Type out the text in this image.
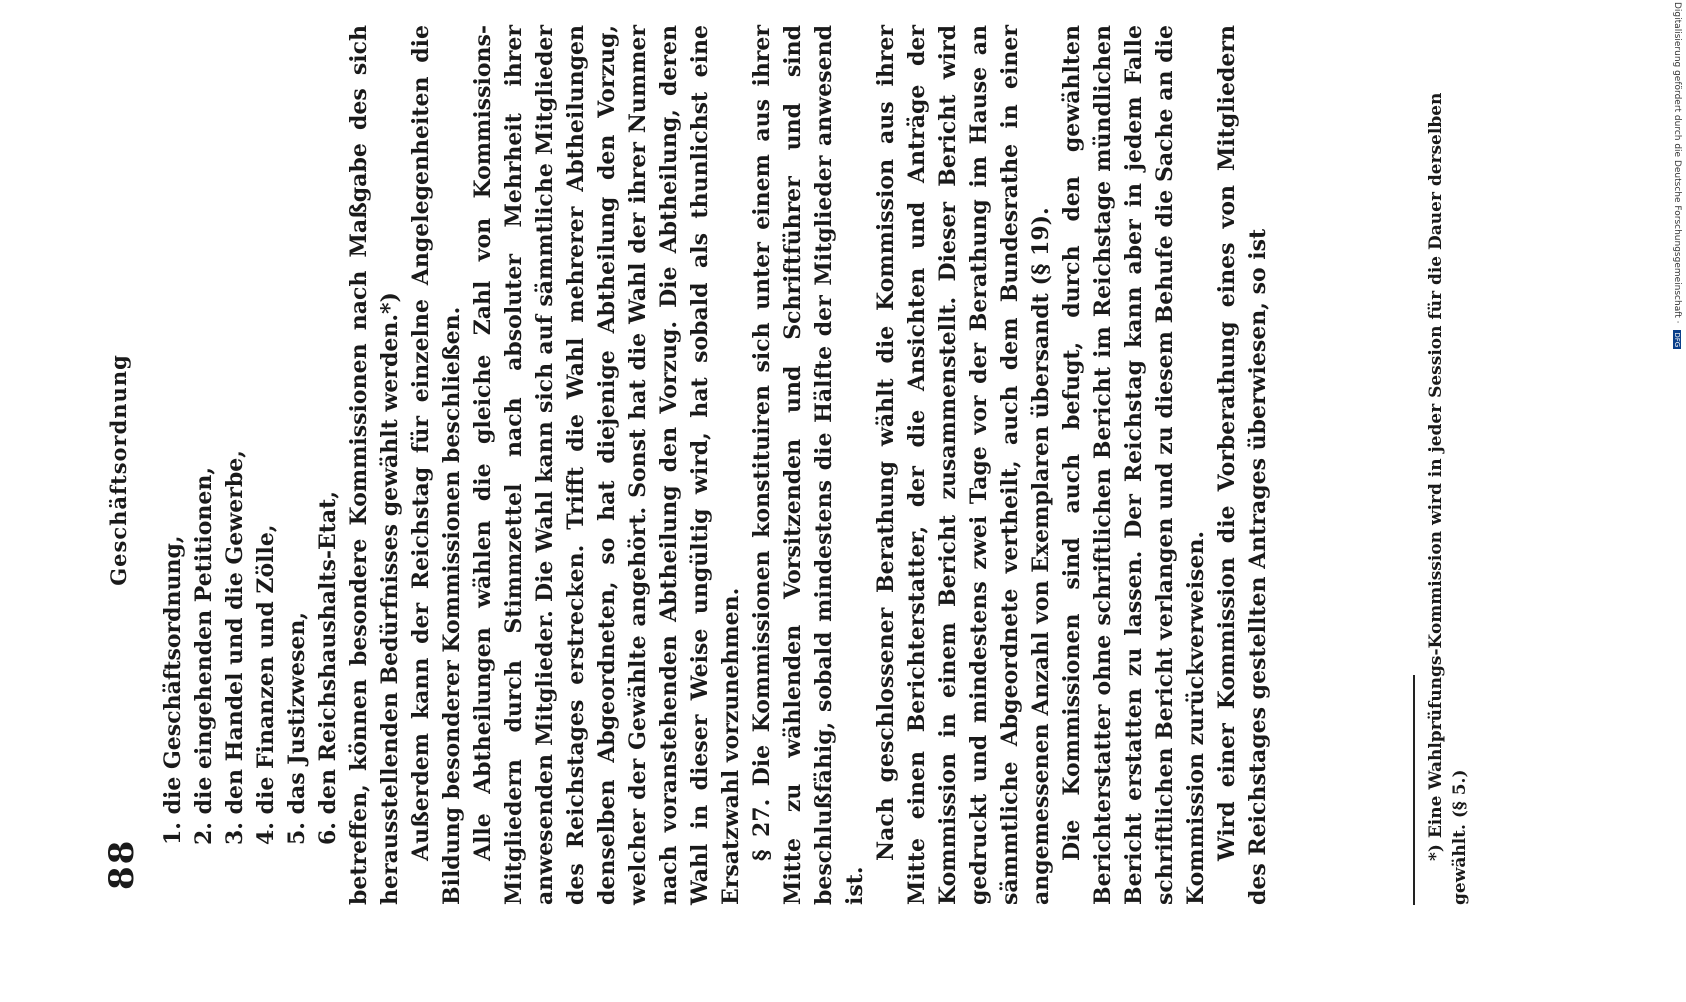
88
Geschäftsordnung
1. die Geschäftsordnung, 2. die eingehenden Petitionen, 3. den Handel und die Gewerbe, 4. die Finanzen und Zölle, 5. das Justizwesen, 6. den Reichshaushalts-Etat, betreffen, können besondere Kommissionen nach Maßgabe des sich herausstellenden Bedürfnisses gewählt werden.*) Außerdem kann der Reichstag für einzelne Angelegenheiten die Bildung besonderer Kommissionen beschließen. Alle Abtheilungen wählen die gleiche Zahl von Kommissions-Mitgliedern durch Stimmzettel nach absoluter Mehrheit ihrer anwesenden Mitglieder. Die Wahl kann sich auf sämmtliche Mitglieder des Reichstages erstrecken. Trifft die Wahl mehrerer Abtheilungen denselben Abgeordneten, so hat diejenige Abtheilung den Vorzug, welcher der Gewählte angehört. Sonst hat die Wahl der ihrer Nummer nach voranstehenden Abtheilung den Vorzug. Die Abtheilung, deren Wahl in dieser Weise ungültig wird, hat sobald als thunlichst eine Ersatzwahl vorzunehmen. § 27. Die Kommissionen konstituiren sich unter einem aus ihrer Mitte zu wählenden Vorsitzenden und Schriftführer und sind beschlußfähig, sobald mindestens die Hälfte der Mitglieder anwesend ist.

Nach geschlossener Berathung wählt die Kommission aus ihrer Mitte einen Berichterstatter, der die Ansichten und Anträge der Kommission in einem Bericht zusammenstellt. Dieser Bericht wird gedruckt und mindestens zwei Tage vor der Berathung im Hause an sämmtliche Abgeordnete vertheilt, auch dem Bundesrathe in einer angemessenen Anzahl von Exemplaren übersandt (§ 19). Die Kommissionen sind auch befugt, durch den gewählten Berichterstatter ohne schriftlichen Bericht im Reichstage mündlichen Bericht erstatten zu lassen. Der Reichstag kann aber in jedem Falle schriftlichen Bericht verlangen und zu diesem Behufe die Sache an die Kommission zurückverweisen. Wird einer Kommission die Vorberathung eines von Mitgliedern des Reichstages gestellten Antrages überwiesen, so ist	*) Eine Wahlprüfungs-Kommission wird in jeder Session für die Dauer derselben gewählt. (§ 5.)

Digitalisierung gefördert durch die Deutsche Forschungsgemeinschaft · DFG
